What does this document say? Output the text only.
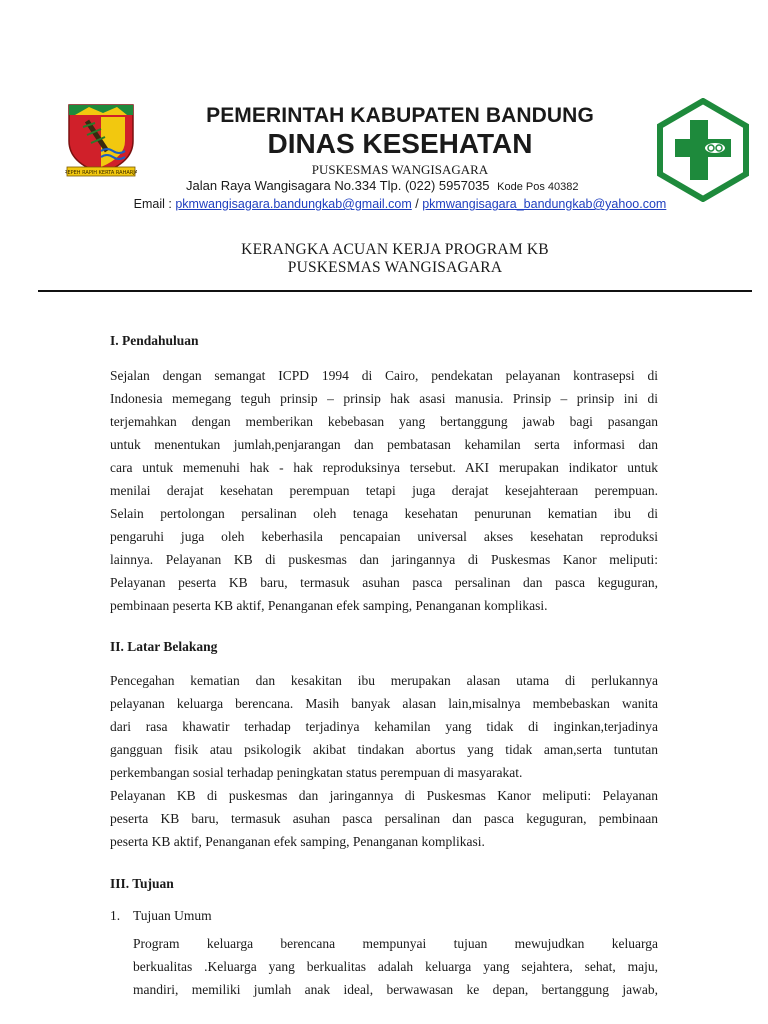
REPEH RAPIH KERTA RAHARJA
PEMERINTAH KABUPATEN BANDUNG
DINAS KESEHATAN
PUSKESMAS WANGISAGARA
Jalan Raya Wangisagara No.334 Tlp. (022) 5957035 Kode Pos 40382
Email : pkmwangisagara.bandungkab@gmail.com / pkmwangisagara_bandungkab@yahoo.com
KERANGKA ACUAN KERJA PROGRAM KB
PUSKESMAS WANGISAGARA
I. Pendahuluan
Sejalan dengan semangat ICPD 1994 di Cairo, pendekatan pelayanan kontrasepsi di
Indonesia memegang teguh prinsip – prinsip hak asasi manusia. Prinsip – prinsip ini di
terjemahkan dengan memberikan kebebasan yang bertanggung jawab bagi pasangan
untuk menentukan jumlah,penjarangan dan pembatasan kehamilan serta informasi dan
cara untuk memenuhi hak - hak reproduksinya tersebut. AKI merupakan indikator untuk
menilai derajat kesehatan perempuan tetapi juga derajat kesejahteraan perempuan.
Selain pertolongan persalinan oleh tenaga kesehatan penurunan kematian ibu di
pengaruhi juga oleh keberhasila pencapaian universal akses kesehatan reproduksi
lainnya. Pelayanan KB di puskesmas dan jaringannya di Puskesmas Kanor meliputi:
Pelayanan peserta KB baru, termasuk asuhan pasca persalinan dan pasca keguguran,
pembinaan peserta KB aktif, Penanganan efek samping, Penanganan komplikasi.
II. Latar Belakang
Pencegahan kematian dan kesakitan ibu merupakan alasan utama di perlukannya
pelayanan keluarga berencana. Masih banyak alasan lain,misalnya membebaskan wanita
dari rasa khawatir terhadap terjadinya kehamilan yang tidak di inginkan,terjadinya
gangguan fisik atau psikologik akibat tindakan abortus yang tidak aman,serta tuntutan
perkembangan sosial terhadap peningkatan status perempuan di masyarakat.
Pelayanan KB di puskesmas dan jaringannya di Puskesmas Kanor meliputi: Pelayanan
peserta KB baru, termasuk asuhan pasca persalinan dan pasca keguguran, pembinaan
peserta KB aktif, Penanganan efek samping, Penanganan komplikasi.
III. Tujuan
1. Tujuan Umum
Program keluarga berencana mempunyai tujuan mewujudkan keluarga
berkualitas .Keluarga yang berkualitas adalah keluarga yang sejahtera, sehat, maju,
mandiri, memiliki jumlah anak ideal, berwawasan ke depan, bertanggung jawab,
